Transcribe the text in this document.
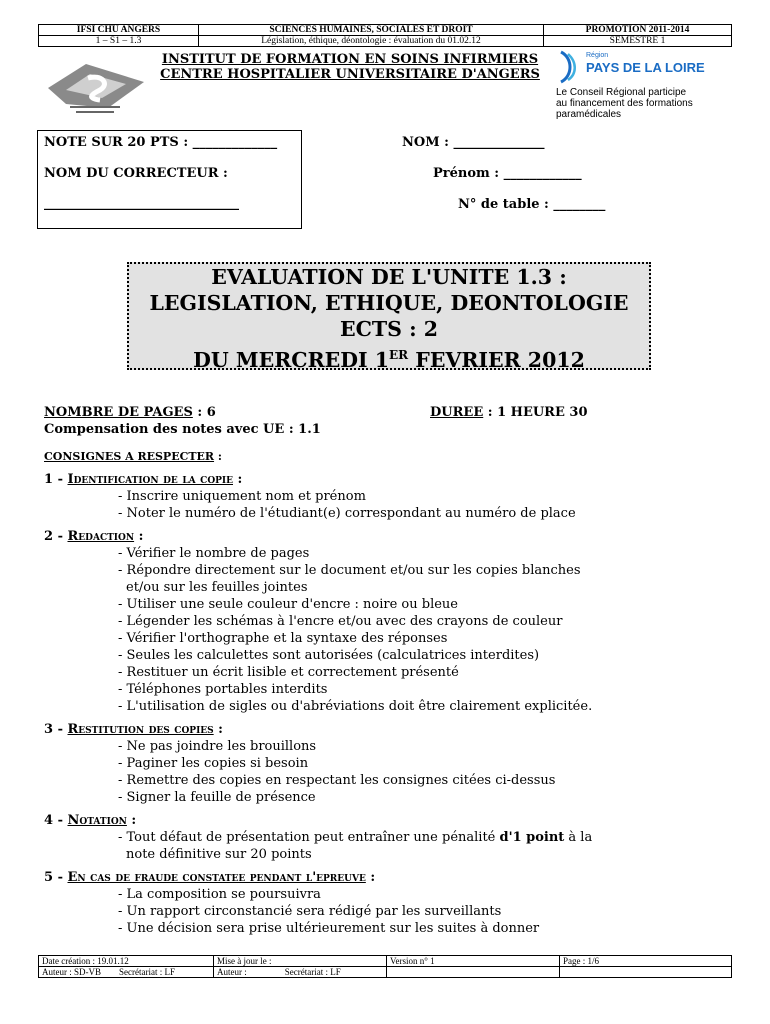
IFSI CHU ANGERS	SCIENCES HUMAINES, SOCIALES ET DROIT	PROMOTION 2011-2014
1 – S1 – 1.3	Législation, éthique, déontologie : évaluation du 01.02.12	SEMESTRE 1
INSTITUT DE FORMATION EN SOINS INFIRMIERS
CENTRE HOSPITALIER UNIVERSITAIRE D'ANGERS
Région
PAYS DE LA LOIRE
Le Conseil Régional participe
au financement des formations
paramédicales
NOTE SUR 20 PTS : _____________
NOM DU CORRECTEUR :
______________________________
NOM : ______________
Prénom : ____________
N° de table : ________
EVALUATION DE L'UNITE 1.3 :
LEGISLATION, ETHIQUE, DEONTOLOGIE
ECTS : 2
DU MERCREDI 1ER FEVRIER 2012
NOMBRE DE PAGES : 6	DUREE : 1 HEURE 30
Compensation des notes avec UE : 1.1
CONSIGNES A RESPECTER :
1 - Identification de la copie :
- Inscrire uniquement nom et prénom
- Noter le numéro de l'étudiant(e) correspondant au numéro de place
2 - Redaction :
- Vérifier le nombre de pages
- Répondre directement sur le document et/ou sur les copies blanches
et/ou sur les feuilles jointes
- Utiliser une seule couleur d'encre : noire ou bleue
- Légender les schémas à l'encre et/ou avec des crayons de couleur
- Vérifier l'orthographe et la syntaxe des réponses
- Seules les calculettes sont autorisées (calculatrices interdites)
- Restituer un écrit lisible et correctement présenté
- Téléphones portables interdits
- L'utilisation de sigles ou d'abréviations doit être clairement explicitée.
3 - Restitution des copies :
- Ne pas joindre les brouillons
- Paginer les copies si besoin
- Remettre des copies en respectant les consignes citées ci-dessus
- Signer la feuille de présence
4 - Notation :
- Tout défaut de présentation peut entraîner une pénalité d'1 point à la
note définitive sur 20 points
5 - En cas de fraude constatee pendant l'epreuve :
- La composition se poursuivra
- Un rapport circonstancié sera rédigé par les surveillants
- Une décision sera prise ultérieurement sur les suites à donner
Date création : 19.01.12	Mise à jour le :	Version n° 1	Page : 1/6
Auteur : SD-VB Secrétariat : LF	Auteur : Secrétariat : LF		
